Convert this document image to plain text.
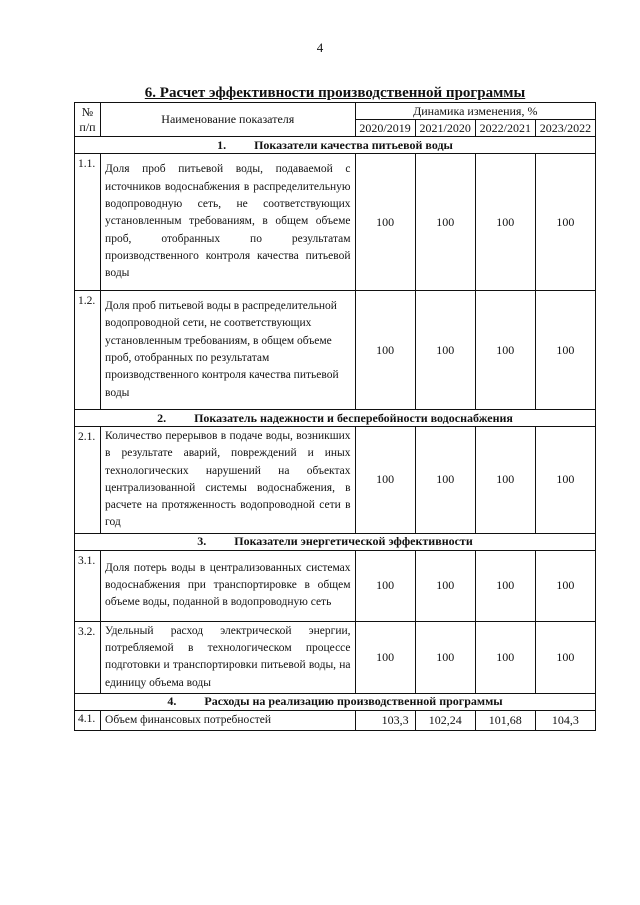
4
6. Расчет эффективности производственной программы
№
п/п	Наименование показателя	Динамика изменения, %			
		2020/2019	2021/2020	2022/2021	2023/2022
1. Показатели качества питьевой воды					
1.1.	Доля проб питьевой воды, подаваемой с источников водоснабжения в распределительную водопроводную сеть, не соответствующих установленным требованиям, в общем объеме проб, отобранных по результатам производственного контроля качества питьевой воды	100	100	100	100
1.2.	Доля проб питьевой воды в распределительной водопроводной сети, не соответствующих установленным требованиям, в общем объеме проб, отобранных по результатам производственного контроля качества питьевой воды	100	100	100	100
2. Показатель надежности и бесперебойности водоснабжения					
2.1.	Количество перерывов в подаче воды, возникших в результате аварий, повреждений и иных технологических нарушений на объектах централизованной системы водоснабжения, в расчете на протяженность водопроводной сети в год	100	100	100	100
3. Показатели энергетической эффективности					
3.1.	Доля потерь воды в централизованных системах водоснабжения при транспортировке в общем объеме воды, поданной в водопроводную сеть	100	100	100	100
3.2.	Удельный расход электрической энергии, потребляемой в технологическом процессе подготовки и транспортировки питьевой воды, на единицу объема воды	100	100	100	100
4. Расходы на реализацию производственной программы					
4.1.	Объем финансовых потребностей	103,3	102,24	101,68	104,3
